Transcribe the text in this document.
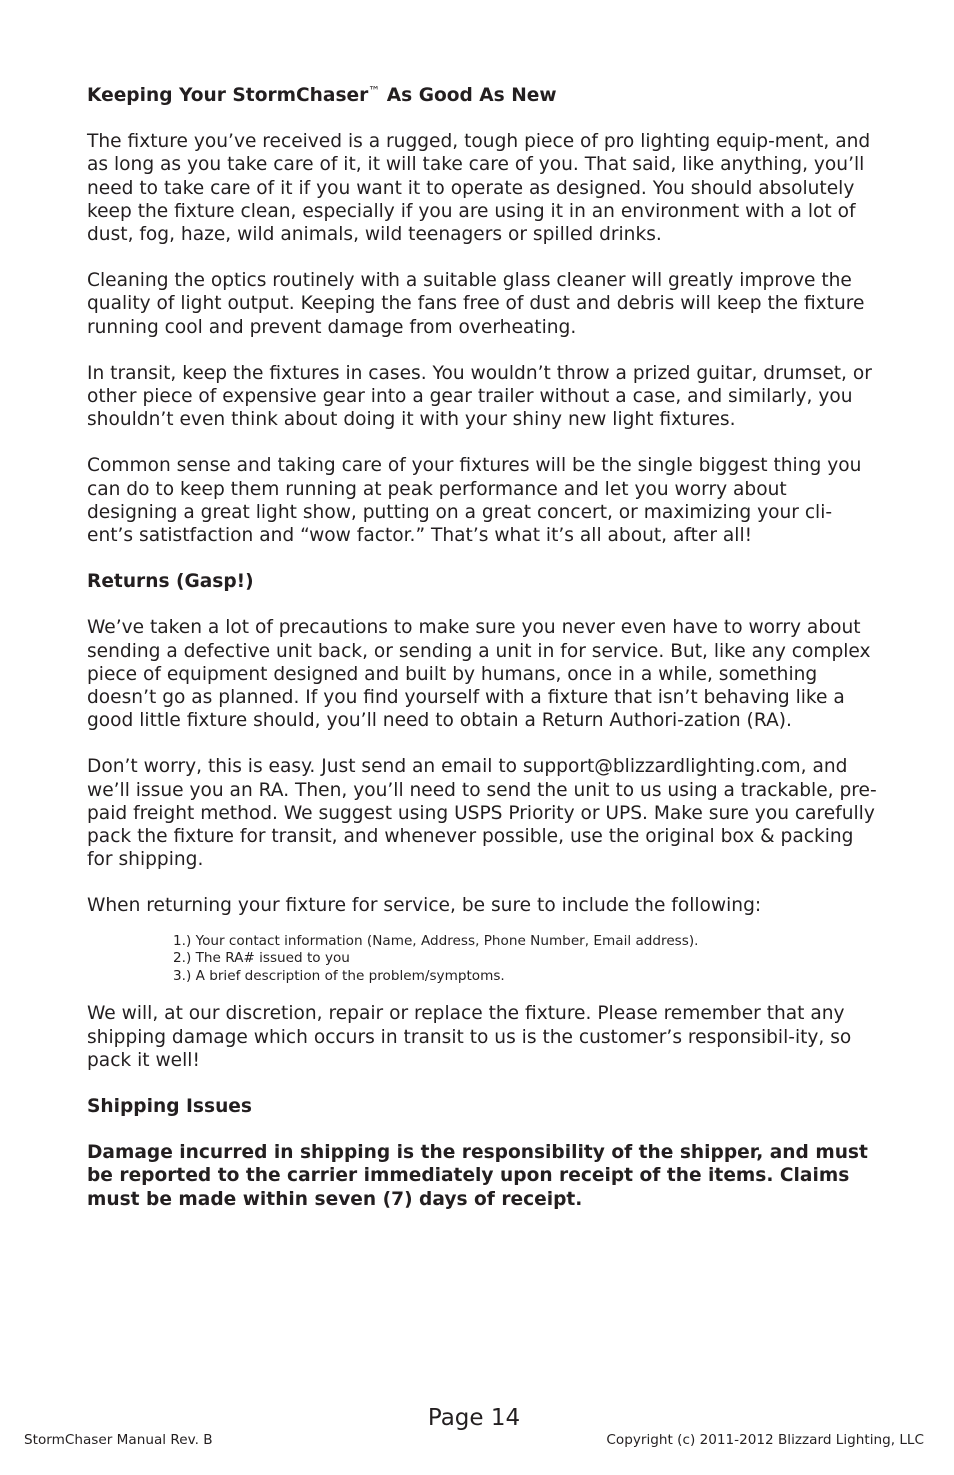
Keeping Your StormChaser™ As Good As New

The fixture you’ve received is a rugged, tough piece of pro lighting equip-ment, and as long as you take care of it, it will take care of you. That said, like anything, you’ll need to take care of it if you want it to operate as designed. You should absolutely keep the fixture clean, especially if you are using it in an environment with a lot of dust, fog, haze, wild animals, wild teenagers or spilled drinks.

Cleaning the optics routinely with a suitable glass cleaner will greatly improve the quality of light output. Keeping the fans free of dust and debris will keep the fixture running cool and prevent damage from overheating.

In transit, keep the fixtures in cases. You wouldn’t throw a prized guitar, drumset, or other piece of expensive gear into a gear trailer without a case, and similarly, you shouldn’t even think about doing it with your shiny new light fixtures.

Common sense and taking care of your fixtures will be the single biggest thing you can do to keep them running at peak performance and let you worry about designing a great light show, putting on a great concert, or maximizing your cli-ent’s satistfaction and “wow factor.” That’s what it’s all about, after all!

Returns (Gasp!)

We’ve taken a lot of precautions to make sure you never even have to worry about sending a defective unit back, or sending a unit in for service. But, like any complex piece of equipment designed and built by humans, once in a while, something doesn’t go as planned. If you find yourself with a fixture that isn’t behaving like a good little fixture should, you’ll need to obtain a Return Authori-zation (RA).

Don’t worry, this is easy. Just send an email to support@blizzardlighting.com, and we’ll issue you an RA. Then, you’ll need to send the unit to us using a trackable, pre-paid freight method. We suggest using USPS Priority or UPS. Make sure you carefully pack the fixture for transit, and whenever possible, use the original box & packing for shipping.

When returning your fixture for service, be sure to include the following:

1.) Your contact information (Name, Address, Phone Number, Email address).
2.) The RA# issued to you
3.) A brief description of the problem/symptoms.

We will, at our discretion, repair or replace the fixture. Please remember that any shipping damage which occurs in transit to us is the customer’s responsibil-ity, so pack it well!

Shipping Issues

Damage incurred in shipping is the responsibility of the shipper, and must be reported to the carrier immediately upon receipt of the items. Claims must be made within seven (7) days of receipt.

Page 14
StormChaser Manual Rev. B	Copyright (c) 2011-2012 Blizzard Lighting, LLC
